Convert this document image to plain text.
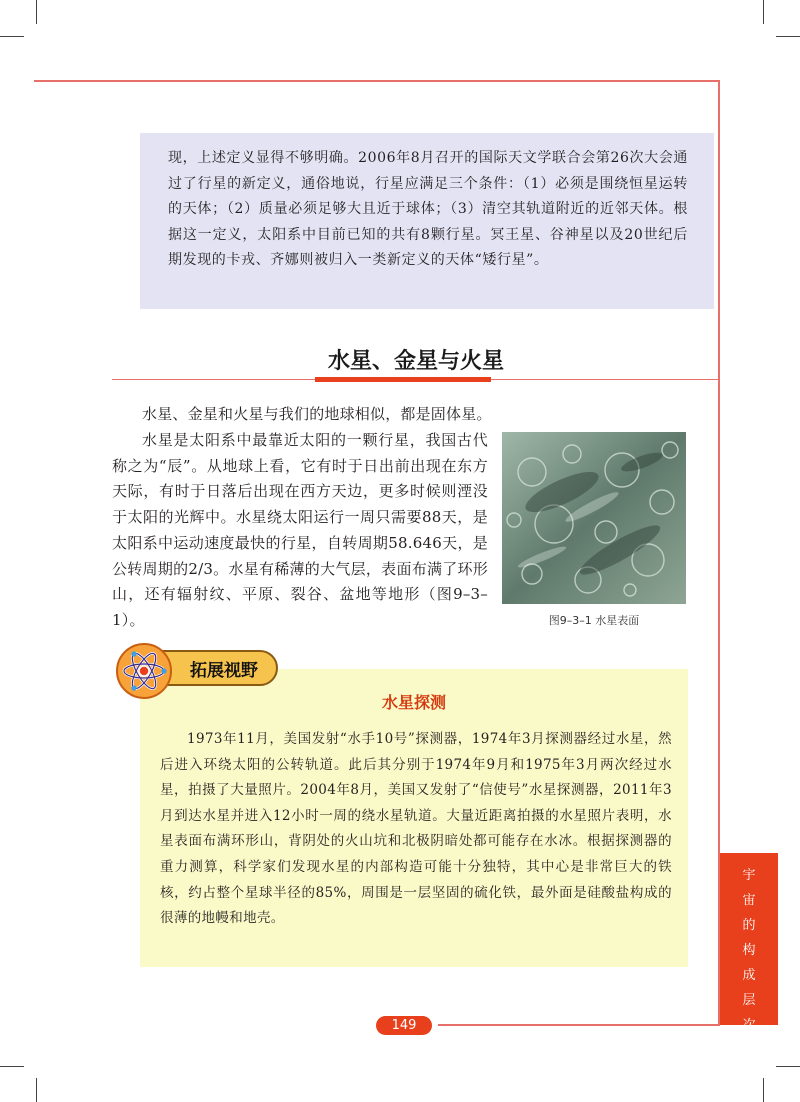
现，上述定义显得不够明确。2006年8月召开的国际天文学联合会第26次大会通过了行星的新定义，通俗地说，行星应满足三个条件：（1）必须是围绕恒星运转的天体；（2）质量必须足够大且近于球体；（3）清空其轨道附近的近邻天体。根据这一定义，太阳系中目前已知的共有8颗行星。冥王星、谷神星以及20世纪后期发现的卡戎、齐娜则被归入一类新定义的天体“矮行星”。

水星、金星与火星

水星、金星和火星与我们的地球相似，都是固体星。

水星是太阳系中最靠近太阳的一颗行星，我国古代称之为“辰”。从地球上看，它有时于日出前出现在东方天际，有时于日落后出现在西方天边，更多时候则湮没于太阳的光辉中。水星绕太阳运行一周只需要88天，是太阳系中运动速度最快的行星，自转周期58.646天，是公转周期的2/3。水星有稀薄的大气层，表面布满了环形山，还有辐射纹、平原、裂谷、盆地等地形（图9–3–1）。	图9–3–1 水星表面
水星探测

1973年11月，美国发射“水手10号”探测器，1974年3月探测器经过水星，然后进入环绕太阳的公转轨道。此后其分别于1974年9月和1975年3月两次经过水星，拍摄了大量照片。2004年8月，美国又发射了“信使号”水星探测器，2011年3月到达水星并进入12小时一周的绕水星轨道。大量近距离拍摄的水星照片表明，水星表面布满环形山，背阴处的火山坑和北极阴暗处都可能存在水冰。根据探测器的重力测算，科学家们发现水星的内部构造可能十分独特，其中心是非常巨大的铁核，约占整个星球半径的85%，周围是一层坚固的硫化铁，最外面是硅酸盐构成的很薄的地幔和地壳。

拓展视野
宇
宙
的
构
成
层
次
149
